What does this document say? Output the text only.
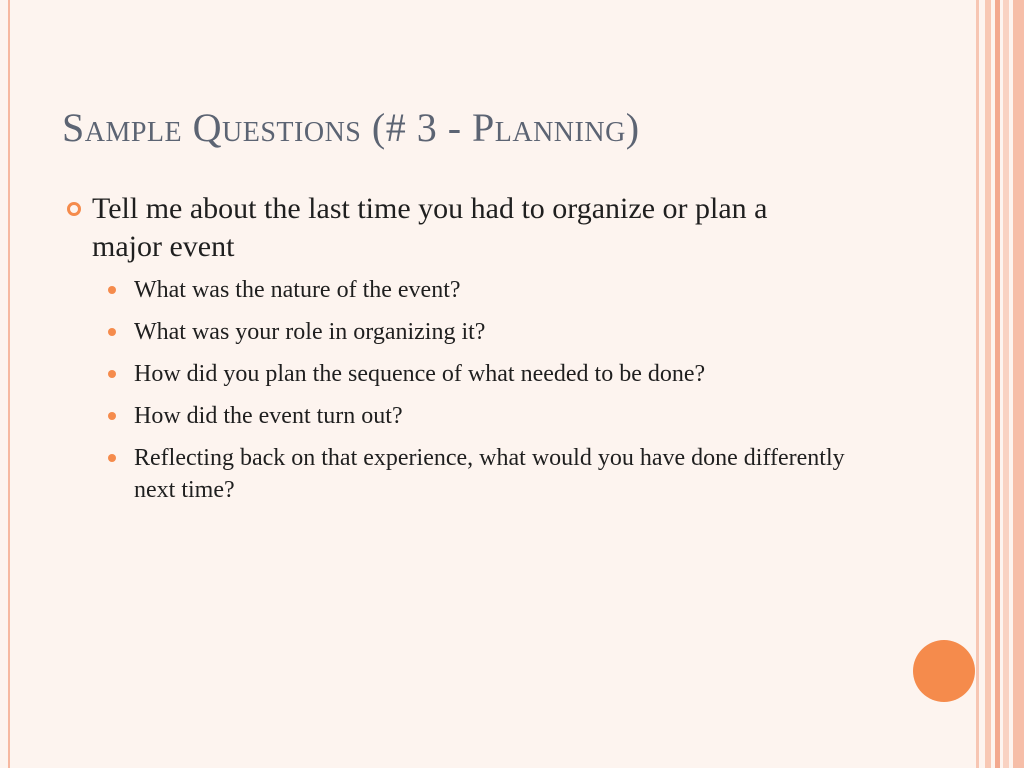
Sample Questions (# 3 - Planning)
Tell me about the last time you had to organize or plan a major event
What was the nature of the event?
What was your role in organizing it?
How did you plan the sequence of what needed to be done?
How did the event turn out?
Reflecting back on that experience, what would you have done differently next time?
